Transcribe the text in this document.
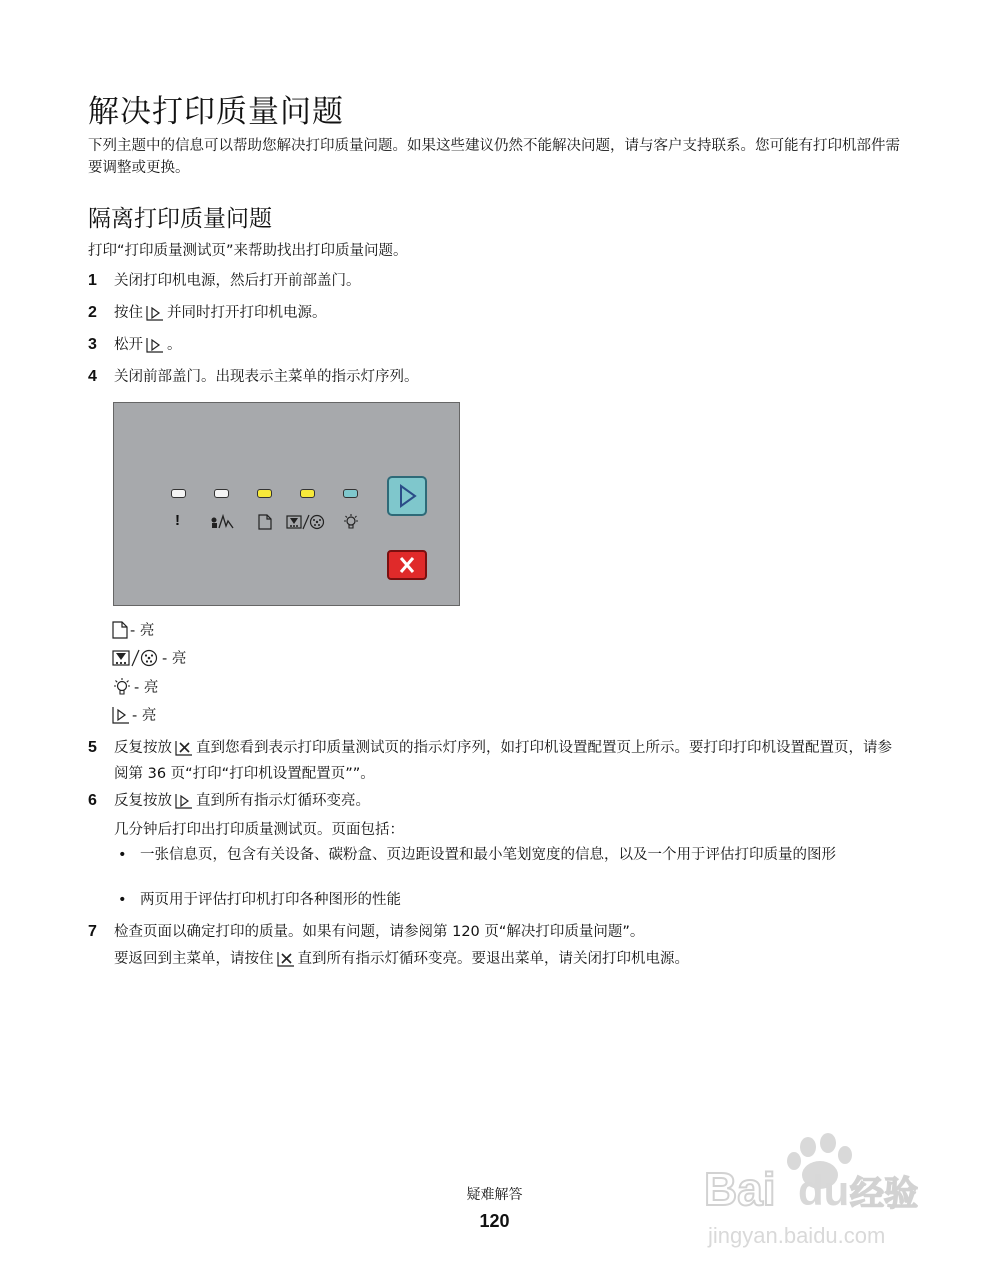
解决打印质量问题

下列主题中的信息可以帮助您解决打印质量问题。如果这些建议仍然不能解决问题，请与客户支持联系。您可能有打印机部件需要调整或更换。

隔离打印质量问题

打印“打印质量测试页”来帮助找出打印质量问题。

1 关闭打印机电源，然后打开前部盖门。
2 按住 并同时打开打印机电源。
3 松开 。
4 关闭前部盖门。出现表示主菜单的指示灯序列。
!
- 亮
- 亮
- 亮
- 亮
5 反复按放 直到您看到表示打印质量测试页的指示灯序列，如打印机设置配置页上所示。要打印打印机设置配置页，请参阅第 36 页“打印“打印机设置配置页””。
6 反复按放 直到所有指示灯循环变亮。
几分钟后打印出打印质量测试页。页面包括：
• 一张信息页，包含有关设备、碳粉盒、页边距设置和最小笔划宽度的信息，以及一个用于评估打印质量的图形
• 两页用于评估打印机打印各种图形的性能
7 检查页面以确定打印的质量。如果有问题，请参阅第 120 页“解决打印质量问题”。
要返回到主菜单，请按住 直到所有指示灯循环变亮。要退出菜单，请关闭打印机电源。
疑难解答
120
Bai du 经验
jingyan.baidu.com
